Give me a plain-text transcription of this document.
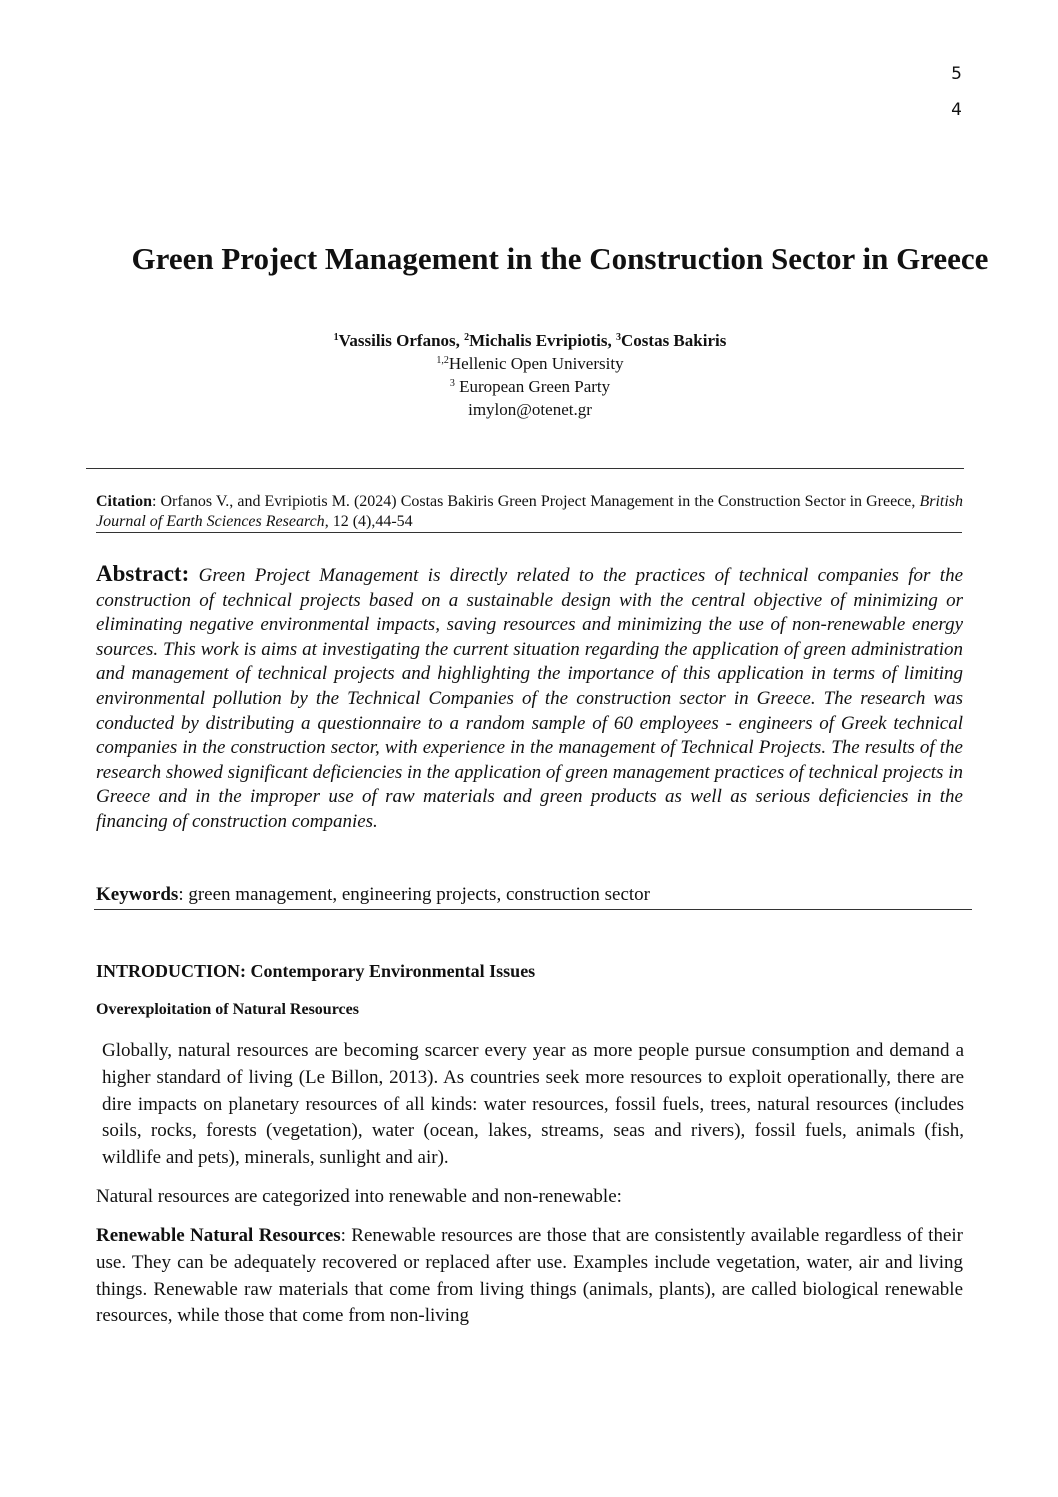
5
4
Green Project Management in the Construction Sector in Greece
$^1$Vassilis Orfanos, $^2$Michalis Evripiotis, $^3$Costas Bakiris
$^{1,2}$Hellenic Open University
$^3$ European Green Party
imylon@otenet.gr
Citation: Orfanos V., and Evripiotis M. (2024) Costas Bakiris Green Project Management in the Construction Sector in Greece, British Journal of Earth Sciences Research, 12 (4),44-54
Abstract: Green Project Management is directly related to the practices of technical companies for the construction of technical projects based on a sustainable design with the central objective of minimizing or eliminating negative environmental impacts, saving resources and minimizing the use of non-renewable energy sources. This work is aims at investigating the current situation regarding the application of green administration and management of technical projects and highlighting the importance of this application in terms of limiting environmental pollution by the Technical Companies of the construction sector in Greece. The research was conducted by distributing a questionnaire to a random sample of 60 employees - engineers of Greek technical companies in the construction sector, with experience in the management of Technical Projects. The results of the research showed significant deficiencies in the application of green management practices of technical projects in Greece and in the improper use of raw materials and green products as well as serious deficiencies in the financing of construction companies.
Keywords: green management, engineering projects, construction sector
INTRODUCTION: Contemporary Environmental Issues
Overexploitation of Natural Resources
Globally, natural resources are becoming scarcer every year as more people pursue consumption and demand a higher standard of living (Le Billon, 2013). As countries seek more resources to exploit operationally, there are dire impacts on planetary resources of all kinds: water resources, fossil fuels, trees, natural resources (includes soils, rocks, forests (vegetation), water (ocean, lakes, streams, seas and rivers), fossil fuels, animals (fish, wildlife and pets), minerals, sunlight and air).
Natural resources are categorized into renewable and non-renewable:
Renewable Natural Resources: Renewable resources are those that are consistently available regardless of their use. They can be adequately recovered or replaced after use. Examples include vegetation, water, air and living things. Renewable raw materials that come from living things (animals, plants), are called biological renewable resources, while those that come from non-living
